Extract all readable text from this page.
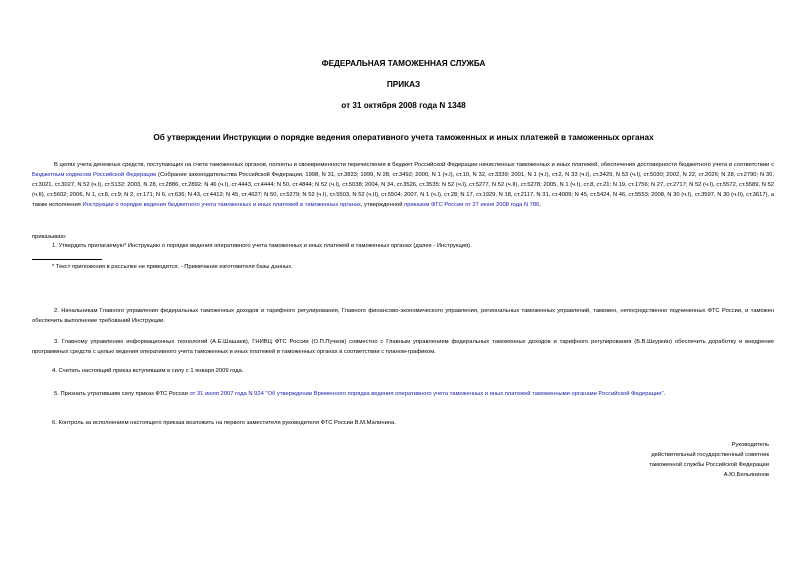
ФЕДЕРАЛЬНАЯ ТАМОЖЕННАЯ СЛУЖБА
ПРИКАЗ
от 31 октября 2008 года N 1348
Об утверждении Инструкции о порядке ведения оперативного учета таможенных и иных платежей в таможенных органах
В целях учета денежных средств, поступающих на счета таможенных органов, полноты и своевременности перечисления в бюджет Российской Федерации начисленных таможенных и иных платежей, обеспечения достоверности бюджетного учета в соответствии с Бюджетным кодексом Российской Федерации (Собрание законодательства Российской Федерации, 1998, N 31, ст.3823; 1999, N 28, ст.3492; 2000, N 1 (ч.I), ст.10, N 32, ст.3339; 2001, N 1 (ч.I), ст.2, N 33 (ч.I), ст.3429, N 53 (ч.I), ст.5030; 2002, N 22, ст.2026; N 28, ст.2790; N 30, ст.3021, ст.3027, N 52 (ч.I), ст.5132; 2003, N 28, ст.2886, ст.2892; N 46 (ч.I), ст.4443, ст.4444; N 50, ст.4844; N 52 (ч.I), ст.5038; 2004, N 34, ст.3526, ст.3535; N 52 (ч.I), ст.5277, N 52 (ч.II), ст.5278; 2005, N 1 (ч.I), ст.8, ст.21; N 19, ст.1756; N 27, ст.2717; N 52 (ч.I), ст.5572, ст.5589, N 52 (ч.II), ст.5602; 2006, N 1, ст.8, ст.9; N 2, ст.171; N 6, ст.636; N 43, ст.4412; N 45, ст.4627; N 50, ст.5279; N 52 (ч.I), ст.5503, N 52 (ч.II), ст.5504; 2007, N 1 (ч.I), ст.28; N 17, ст.1929, N 18, ст.2117, N 31, ст.4009; N 45, ст.5424, N 46, ст.5553; 2008, N 30 (ч.I), ст.3597, N 30 (ч.II), ст.3617), а также исполнения Инструкции о порядке ведения бюджетного учета таможенных и иных платежей в таможенных органах, утвержденной приказом ФТС России от 27 июня 2008 года N 786,
приказываю:
1. Утвердить прилагаемую* Инструкцию о порядке ведения оперативного учета таможенных и иных платежей в таможенных органах (далее - Инструкция).
* Текст приложения в рассылке не приводится. - Примечание изготовителя базы данных.
2. Начальникам Главного управления федеральных таможенных доходов и тарифного регулирования, Главного финансово-экономического управления, региональных таможенных управлений, таможен, непосредственно подчиненных ФТС России, и таможен обеспечить выполнение требований Инструкции.
3. Главному управлению информационных технологий (А.Е.Шашаев), ГНИВЦ ФТС России (О.П.Пучков) совместно с Главным управлением федеральных таможенных доходов и тарифного регулирования (Б.В.Шкуркин) обеспечить доработку и внедрение программных средств с целью ведения оперативного учета таможенных и иных платежей в таможенных органах в соответствии с планом-графиком.
4. Считать настоящий приказ вступившим в силу с 1 января 2009 года.
5. Признать утратившим силу приказ ФТС России от 31 июля 2007 года N 924 "Об утверждении Временного порядка ведения оперативного учета таможенных и иных платежей таможенными органами Российской Федерации".
6. Контроль за исполнением настоящего приказа возложить на первого заместителя руководителя ФТС России В.М.Малинина.
Руководитель
действительный государственный советник
таможенной службы Российской Федерации
А.Ю.Бельянинов
